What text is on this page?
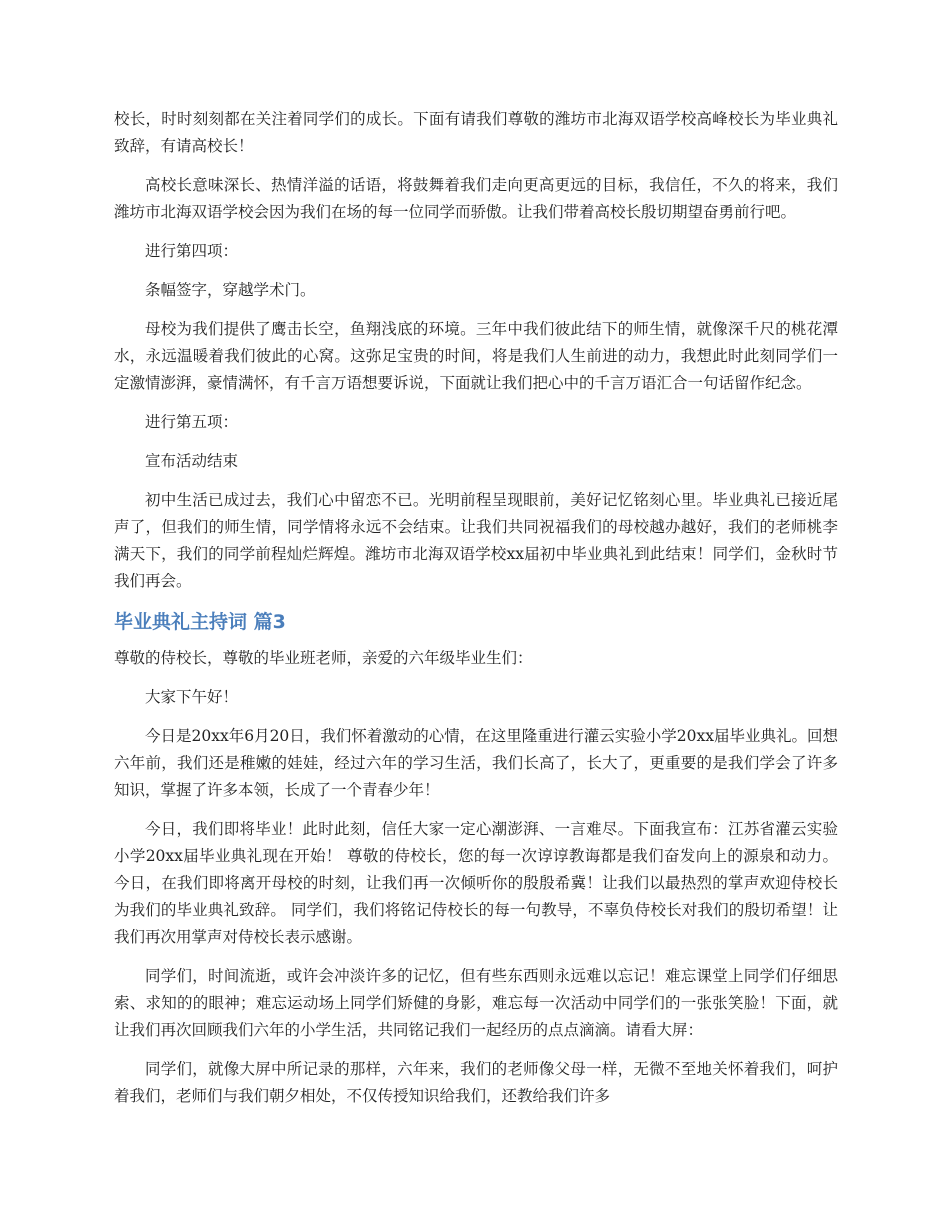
校长，时时刻刻都在关注着同学们的成长。下面有请我们尊敬的潍坊市北海双语学校高峰校长为毕业典礼致辞，有请高校长！

高校长意味深长、热情洋溢的话语，将鼓舞着我们走向更高更远的目标，我信任，不久的将来，我们潍坊市北海双语学校会因为我们在场的每一位同学而骄傲。让我们带着高校长殷切期望奋勇前行吧。

进行第四项：

条幅签字，穿越学术门。

母校为我们提供了鹰击长空，鱼翔浅底的环境。三年中我们彼此结下的师生情，就像深千尺的桃花潭水，永远温暖着我们彼此的心窝。这弥足宝贵的时间，将是我们人生前进的动力，我想此时此刻同学们一定激情澎湃，豪情满怀，有千言万语想要诉说，下面就让我们把心中的千言万语汇合一句话留作纪念。

进行第五项：

宣布活动结束

初中生活已成过去，我们心中留恋不已。光明前程呈现眼前，美好记忆铭刻心里。毕业典礼已接近尾声了，但我们的师生情，同学情将永远不会结束。让我们共同祝福我们的母校越办越好，我们的老师桃李满天下，我们的同学前程灿烂辉煌。潍坊市北海双语学校xx届初中毕业典礼到此结束！同学们，金秋时节我们再会。

毕业典礼主持词 篇3

尊敬的侍校长，尊敬的毕业班老师，亲爱的六年级毕业生们：

大家下午好！

今日是20xx年6月20日，我们怀着激动的心情，在这里隆重进行灌云实验小学20xx届毕业典礼。回想六年前，我们还是稚嫩的娃娃，经过六年的学习生活，我们长高了，长大了，更重要的是我们学会了许多知识，掌握了许多本领，长成了一个青春少年！

今日，我们即将毕业！此时此刻，信任大家一定心潮澎湃、一言难尽。下面我宣布：江苏省灌云实验小学20xx届毕业典礼现在开始！ 尊敬的侍校长，您的每一次谆谆教诲都是我们奋发向上的源泉和动力。今日，在我们即将离开母校的时刻，让我们再一次倾听你的殷殷希冀！让我们以最热烈的掌声欢迎侍校长为我们的毕业典礼致辞。 同学们，我们将铭记侍校长的每一句教导，不辜负侍校长对我们的殷切希望！让我们再次用掌声对侍校长表示感谢。

同学们，时间流逝，或许会冲淡许多的记忆，但有些东西则永远难以忘记！难忘课堂上同学们仔细思索、求知的的眼神；难忘运动场上同学们矫健的身影，难忘每一次活动中同学们的一张张笑脸！下面，就让我们再次回顾我们六年的小学生活，共同铭记我们一起经历的点点滴滴。请看大屏：

同学们，就像大屏中所记录的那样，六年来，我们的老师像父母一样，无微不至地关怀着我们，呵护着我们，老师们与我们朝夕相处，不仅传授知识给我们，还教给我们许多
